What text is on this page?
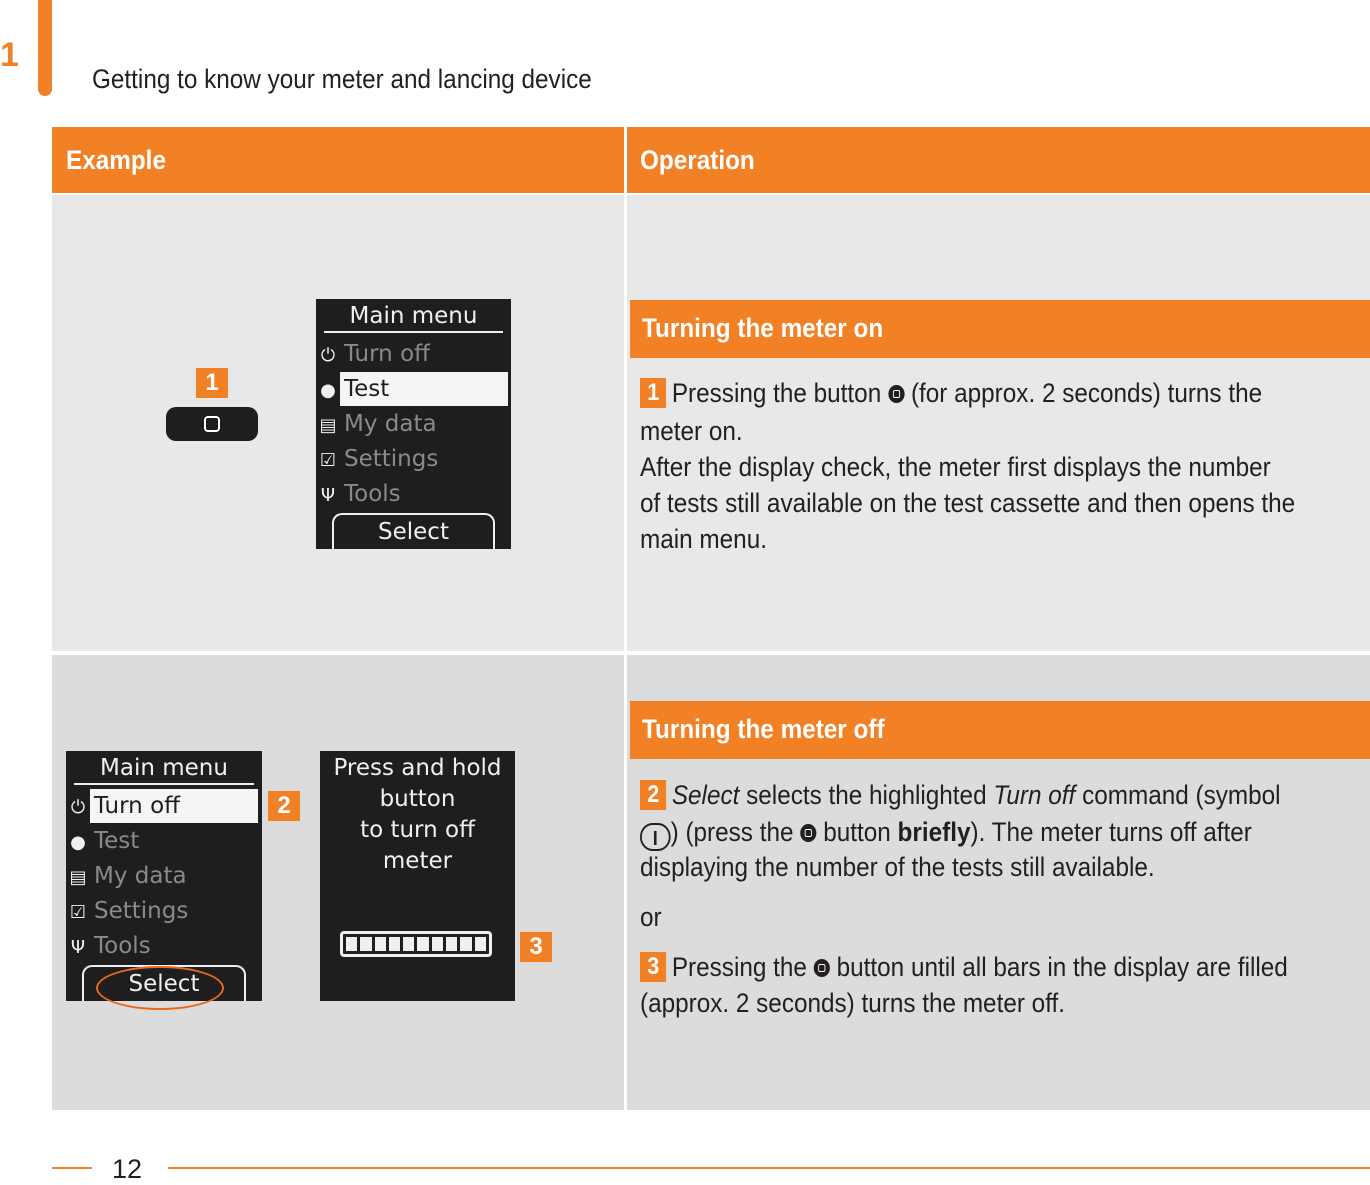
1
Getting to know your meter and lancing device
Example	Operation
1
Main menu
⏻ Turn off
● Test
▤ My data
☑ Settings
Ψ Tools
Select
Turning the meter on
1 Pressing the button (for approx. 2 seconds) turns the
meter on.
After the display check, the meter first displays the number
of tests still available on the test cassette and then opens the
main menu.
Main menu
⏻ Turn off
● Test
▤ My data
☑ Settings
Ψ Tools
Select
2
Press and hold
button
to turn off
meter
3
Turning the meter off
2 Select selects the highlighted Turn off command (symbol
I ) (press the button briefly). The meter turns off after
displaying the number of the tests still available.
or
3 Pressing the button until all bars in the display are filled
(approx. 2 seconds) turns the meter off.
12
